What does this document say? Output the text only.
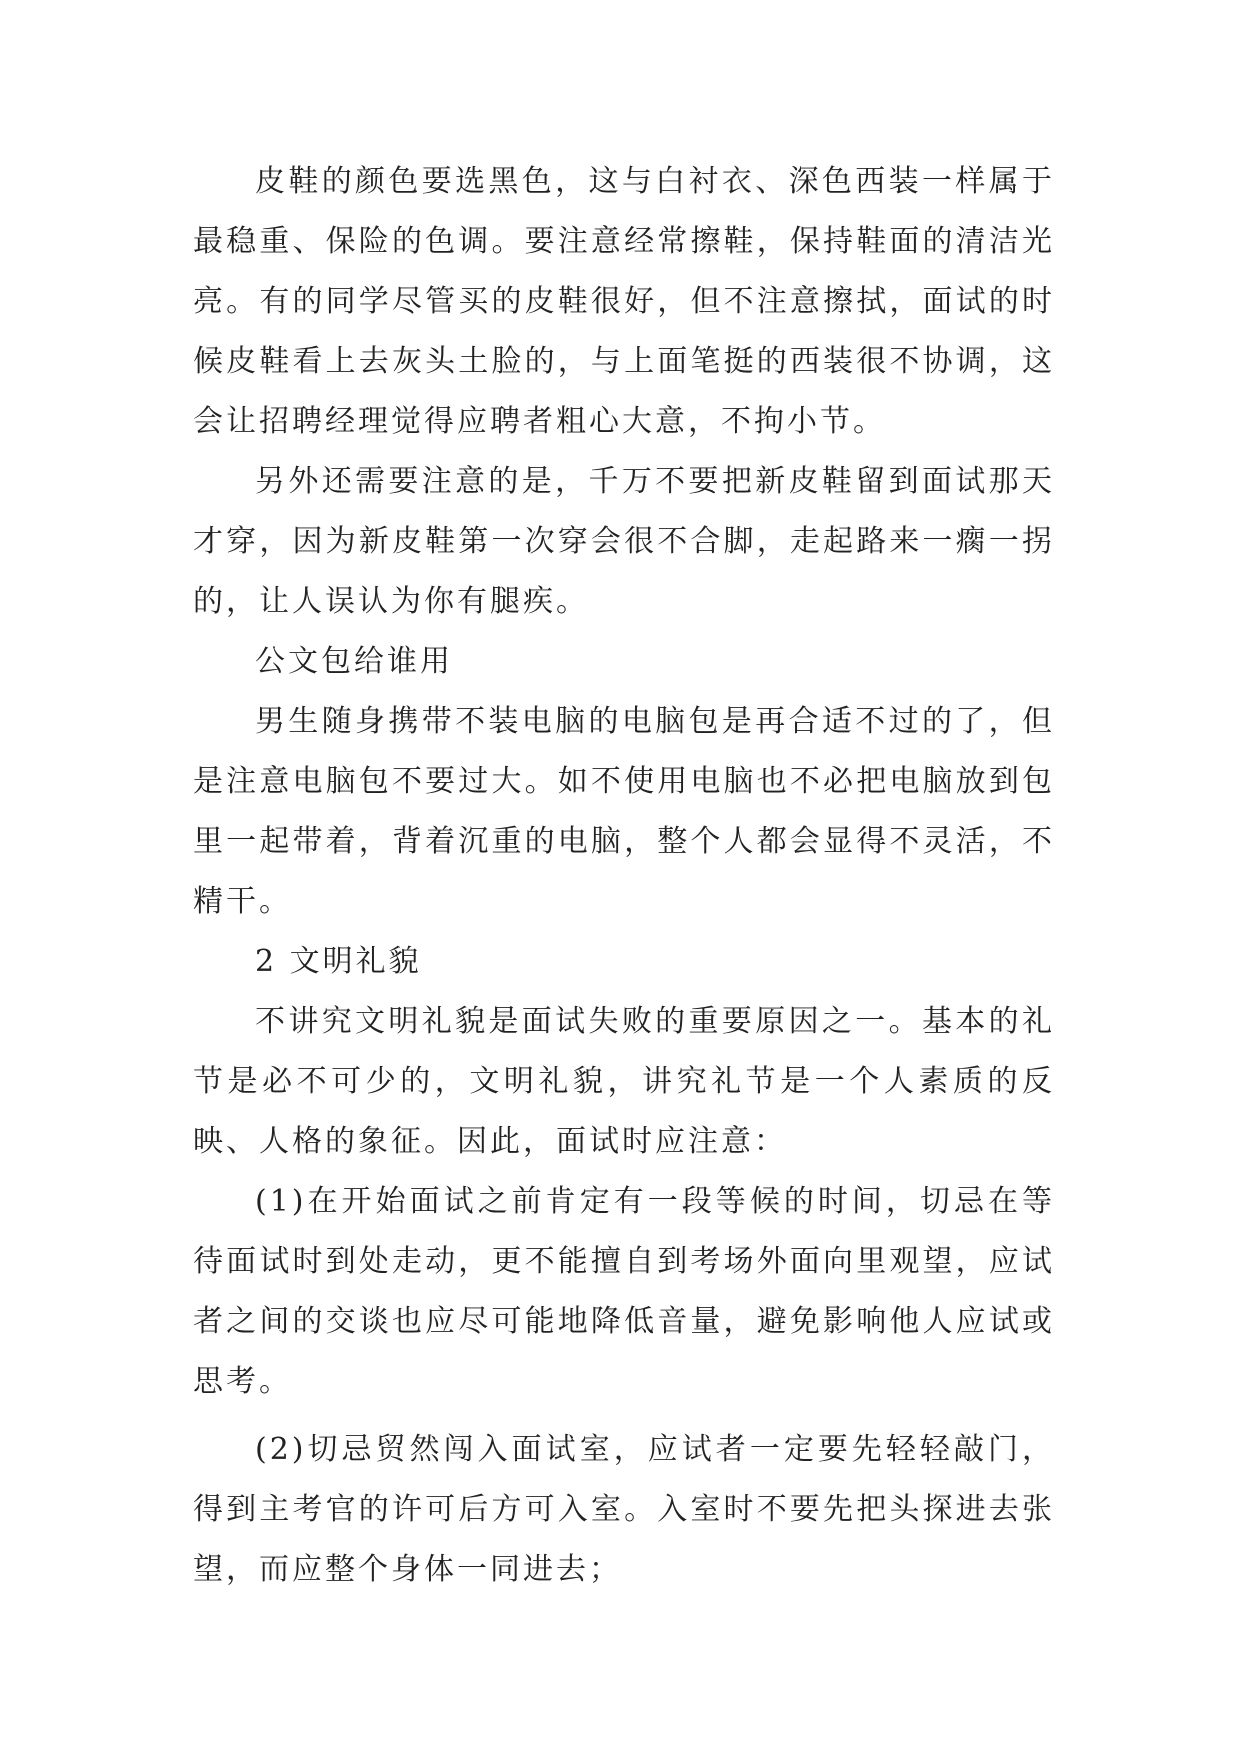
皮鞋的颜色要选黑色，这与白衬衣、深色西装一样属于最稳重、保险的色调。要注意经常擦鞋，保持鞋面的清洁光亮。有的同学尽管买的皮鞋很好，但不注意擦拭，面试的时候皮鞋看上去灰头土脸的，与上面笔挺的西装很不协调，这会让招聘经理觉得应聘者粗心大意，不拘小节。

另外还需要注意的是，千万不要把新皮鞋留到面试那天才穿，因为新皮鞋第一次穿会很不合脚，走起路来一瘸一拐的，让人误认为你有腿疾。

公文包给谁用

男生随身携带不装电脑的电脑包是再合适不过的了，但是注意电脑包不要过大。如不使用电脑也不必把电脑放到包里一起带着，背着沉重的电脑，整个人都会显得不灵活，不精干。

2 文明礼貌

不讲究文明礼貌是面试失败的重要原因之一。基本的礼节是必不可少的，文明礼貌，讲究礼节是一个人素质的反映、人格的象征。因此，面试时应注意：

(1)在开始面试之前肯定有一段等候的时间，切忌在等待面试时到处走动，更不能擅自到考场外面向里观望，应试者之间的交谈也应尽可能地降低音量，避免影响他人应试或思考。

(2)切忌贸然闯入面试室，应试者一定要先轻轻敲门，得到主考官的许可后方可入室。入室时不要先把头探进去张望，而应整个身体一同进去；
